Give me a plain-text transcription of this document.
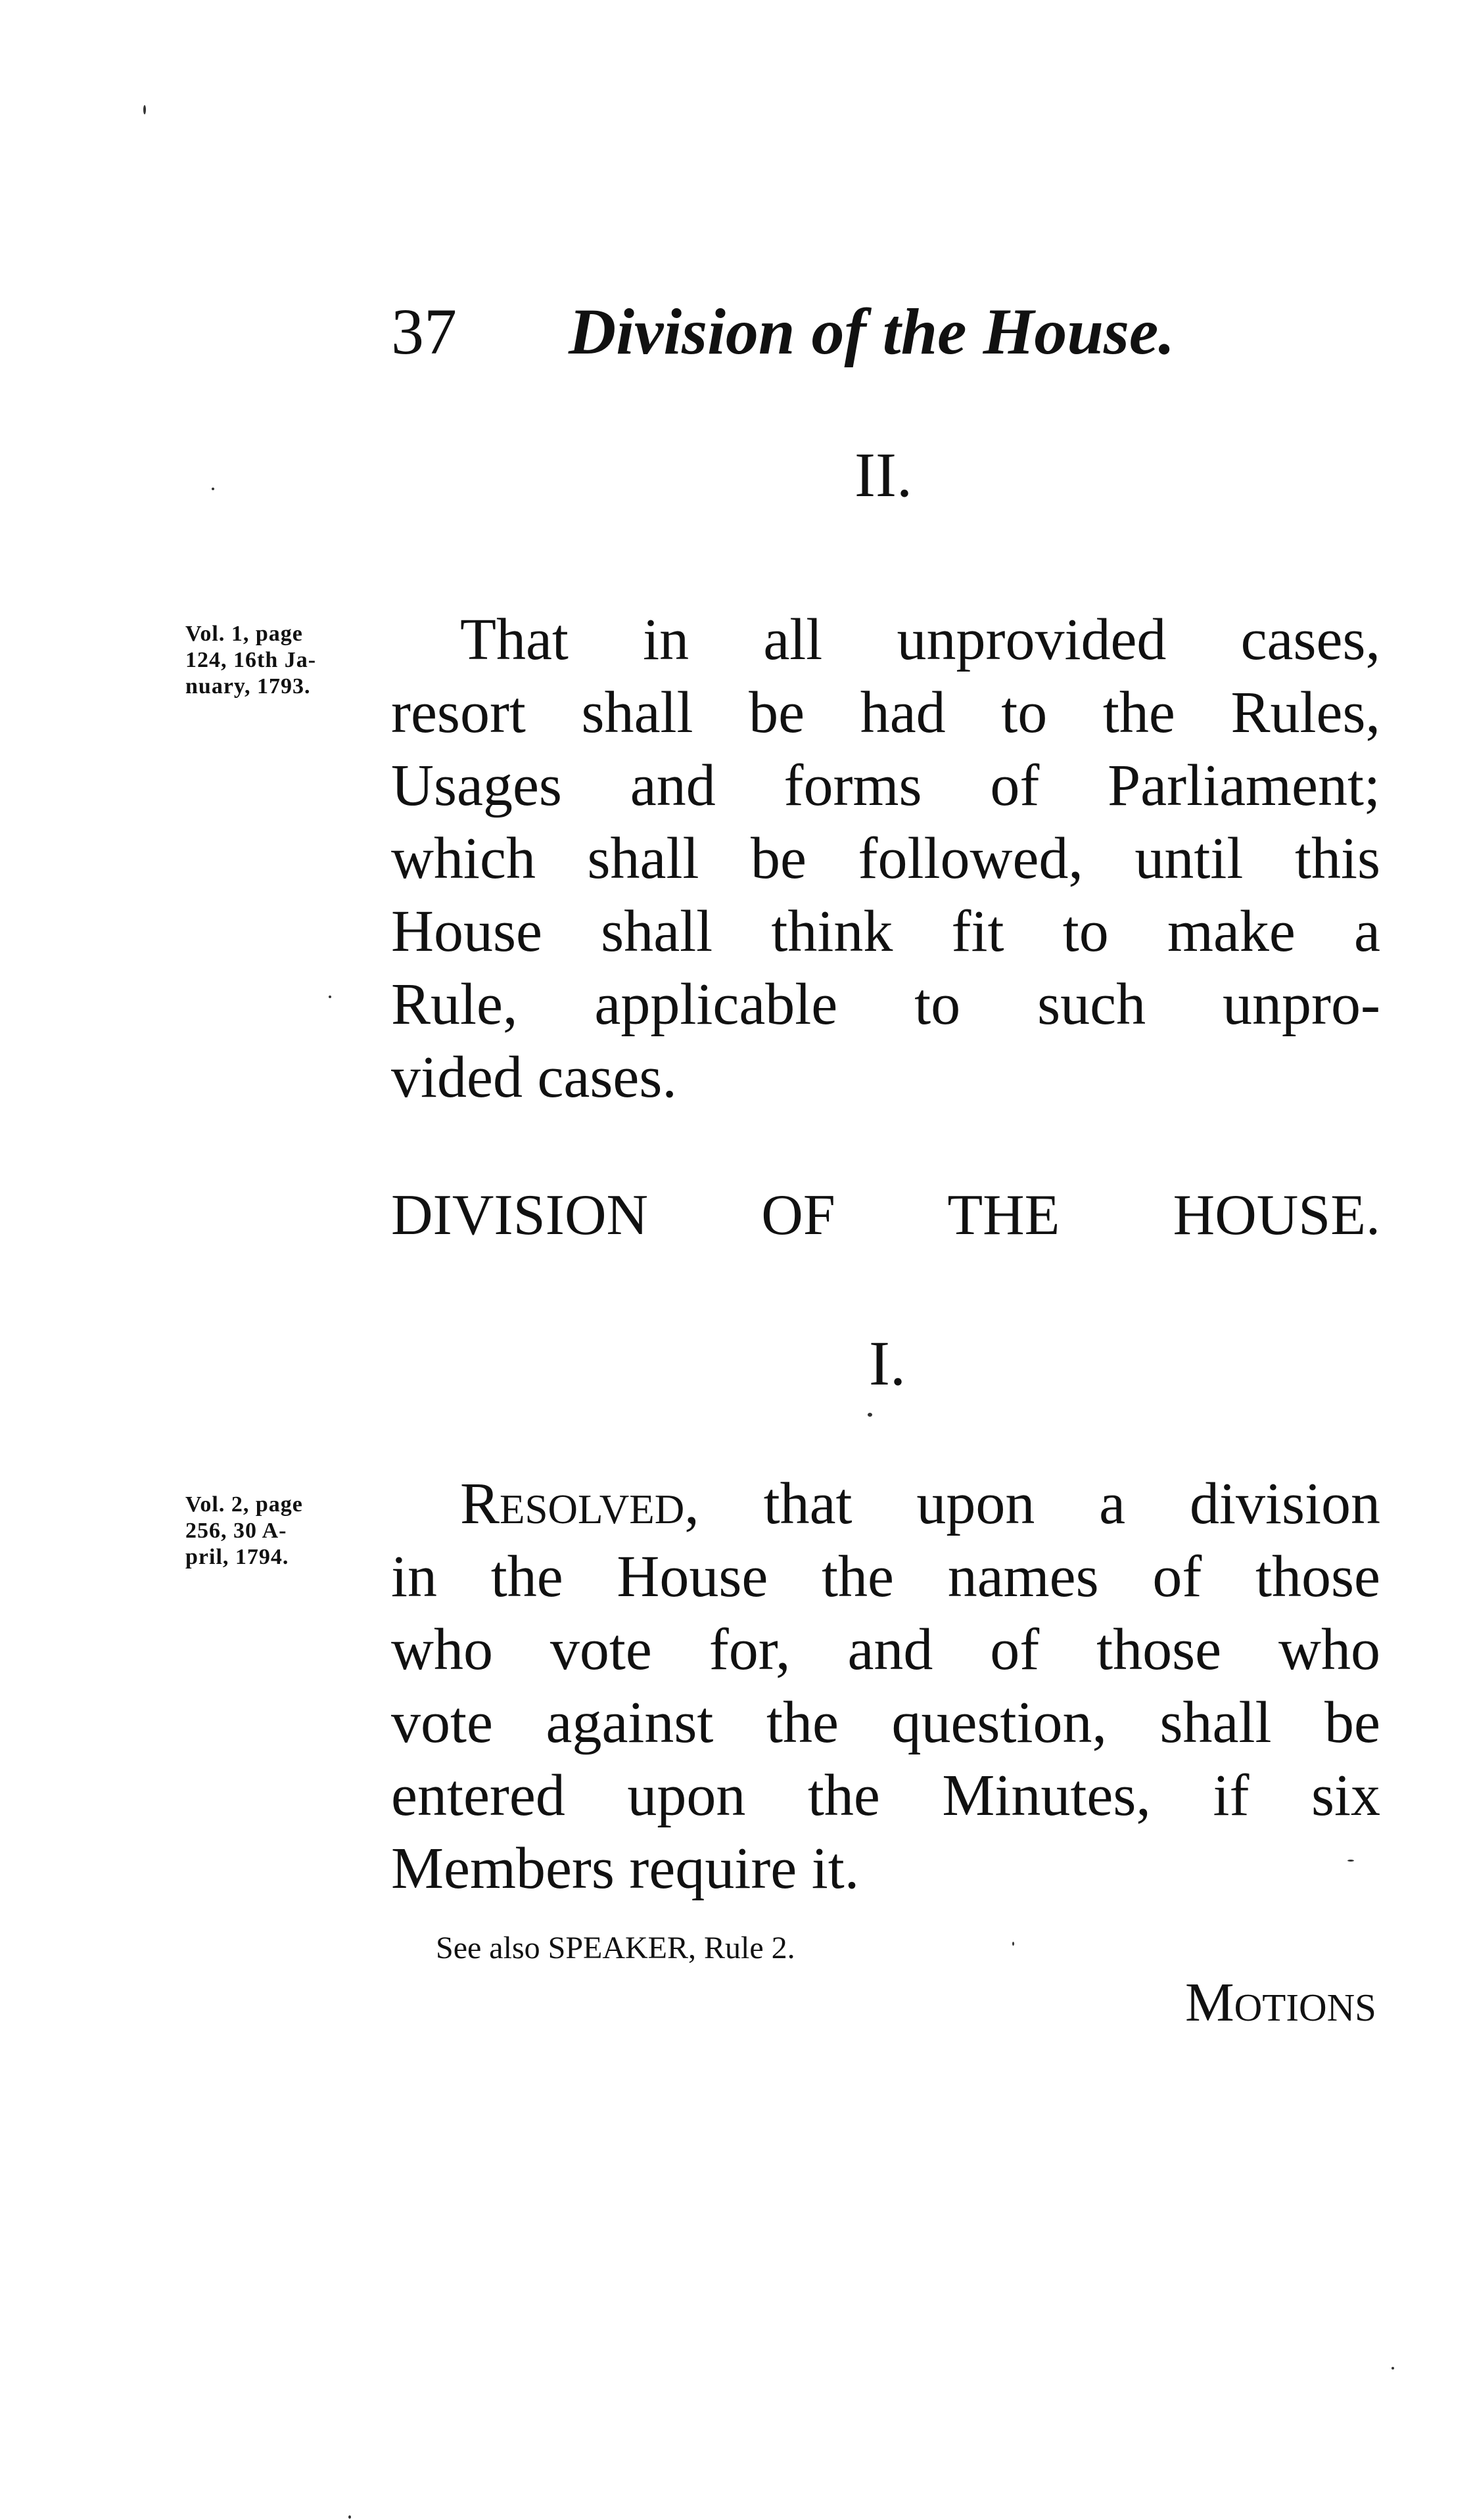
37 Division of the House.
II.
Vol. 1, page
124, 16th Ja-
nuary, 1793.
That in all unprovided cases,
resort shall be had to the Rules,
Usages and forms of Parliament;
which shall be followed, until this
House shall think fit to make a
Rule, applicable to such unpro-
vided cases.
DIVISION OF THE HOUSE.
I.
Vol. 2, page
256, 30 A-
pril, 1794.
Resolved, that upon a division
in the House the names of those
who vote for, and of those who
vote against the question, shall be
entered upon the Minutes, if six
Members require it.
See also SPEAKER, Rule 2.
Motions
